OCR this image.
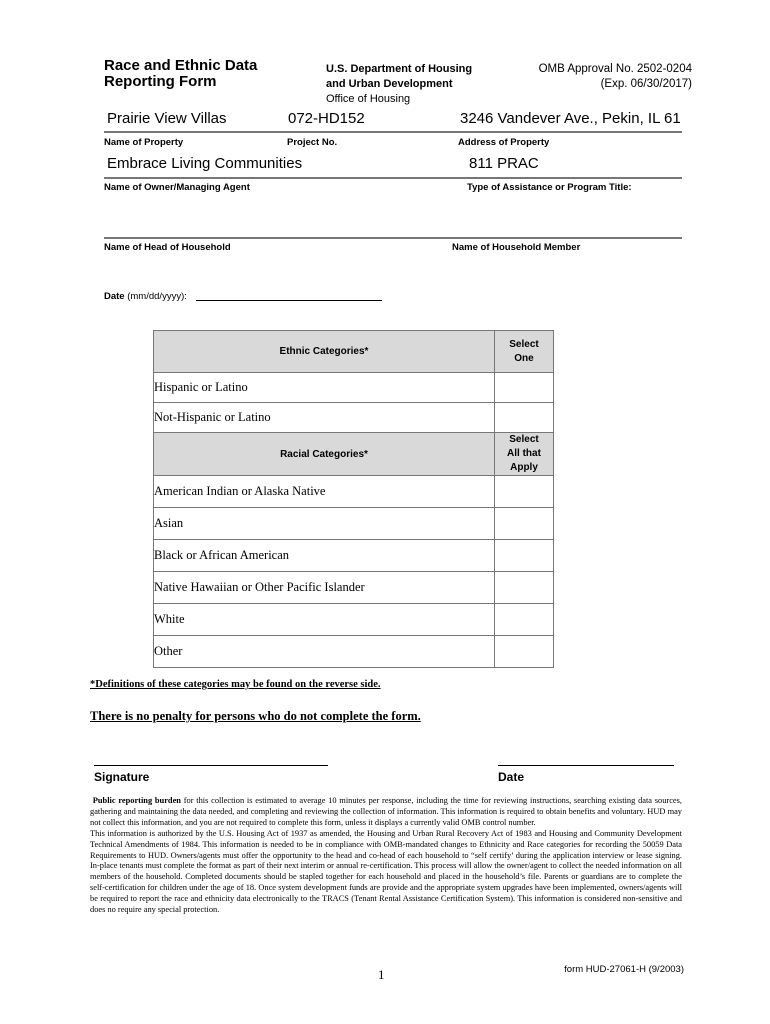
Race and Ethnic Data
Reporting Form
U.S. Department of Housing
and Urban Development
Office of Housing
OMB Approval No. 2502-0204
(Exp. 06/30/2017)
Prairie View Villas	072-HD152	3246 Vandever Ave., Pekin, IL 61
Name of Property	Project No.	Address of Property
Embrace Living Communities	811 PRAC
Name of Owner/Managing Agent	Type of Assistance or Program Title:
Name of Head of Household	Name of Household Member
Date (mm/dd/yyyy):
Ethnic Categories*	Select
One

Hispanic or Latino	
Not-Hispanic or Latino	
Racial Categories*	Select
All that
Apply

American Indian or Alaska Native	
Asian	
Black or African American	
Native Hawaiian or Other Pacific Islander	
White	
Other	
*Definitions of these categories may be found on the reverse side.
There is no penalty for persons who do not complete the form.
Signature	Date
Public reporting burden for this collection is estimated to average 10 minutes per response, including the time for reviewing instructions, searching existing data sources, gathering and maintaining the data needed, and completing and reviewing the collection of information. This information is required to obtain benefits and voluntary. HUD may not collect this information, and you are not required to complete this form, unless it displays a currently valid OMB control number.
This information is authorized by the U.S. Housing Act of 1937 as amended, the Housing and Urban Rural Recovery Act of 1983 and Housing and Community Development Technical Amendments of 1984. This information is needed to be in compliance with OMB-mandated changes to Ethnicity and Race categories for recording the 50059 Data Requirements to HUD. Owners/agents must offer the opportunity to the head and co-head of each household to “self certify’ during the application interview or lease signing. In-place tenants must complete the format as part of their next interim or annual re-certification. This process will allow the owner/agent to collect the needed information on all members of the household. Completed documents should be stapled together for each household and placed in the household’s file. Parents or guardians are to complete the self-certification for children under the age of 18. Once system development funds are provide and the appropriate system upgrades have been implemented, owners/agents will be required to report the race and ethnicity data electronically to the TRACS (Tenant Rental Assistance Certification System). This information is considered non-sensitive and does no require any special protection.
1	form HUD-27061-H (9/2003)
